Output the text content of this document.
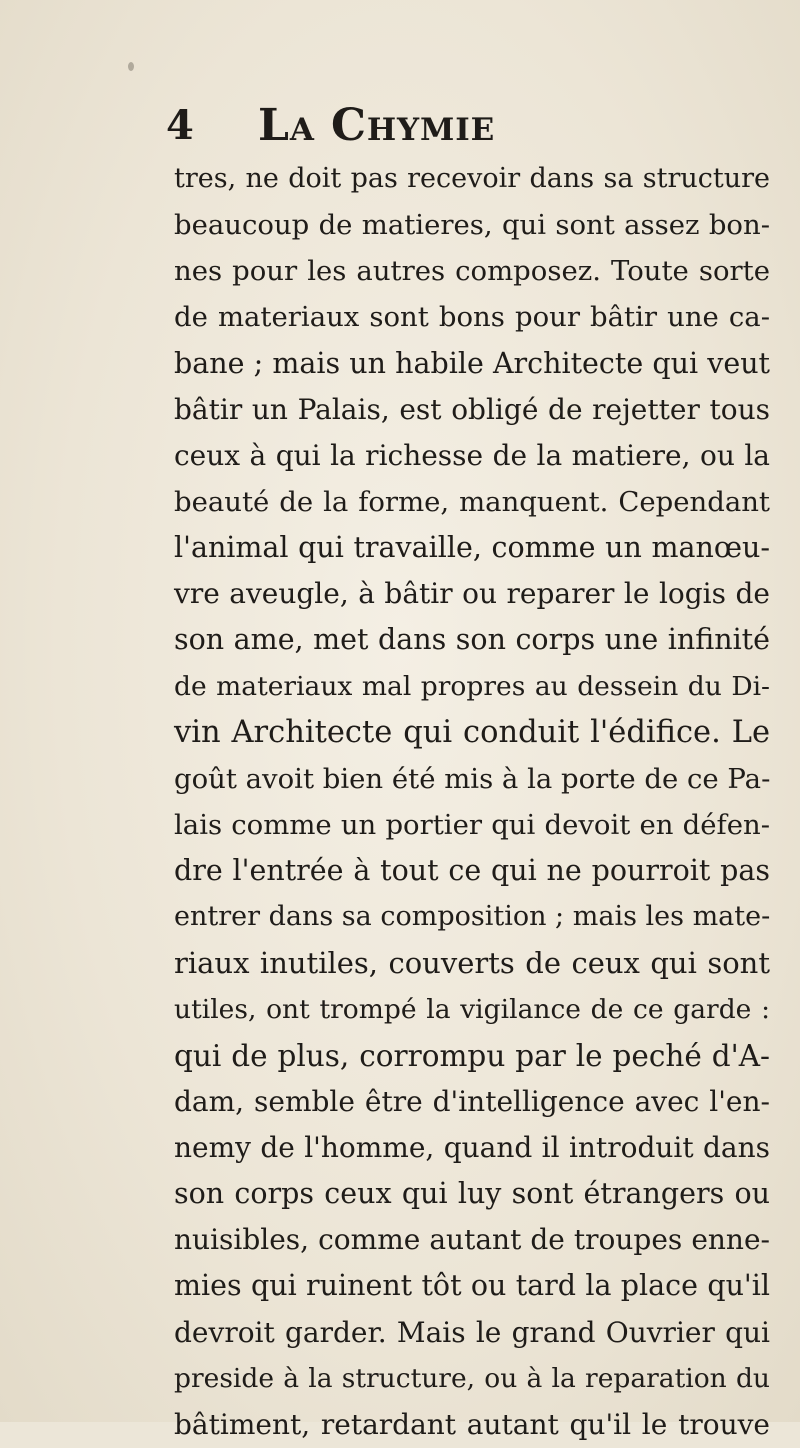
4 La Chymie
tres, ne doit pas recevoir dans sa structure
beaucoup de matieres, qui sont assez bon-
nes pour les autres composez. Toute sorte
de materiaux sont bons pour bâtir une ca-
bane ; mais un habile Architecte qui veut
bâtir un Palais, est obligé de rejetter tous
ceux à qui la richesse de la matiere, ou la
beauté de la forme, manquent. Cependant
l'animal qui travaille, comme un manœu-
vre aveugle, à bâtir ou reparer le logis de
son ame, met dans son corps une infinité
de materiaux mal propres au dessein du Di-
vin Architecte qui conduit l'édifice. Le
goût avoit bien été mis à la porte de ce Pa-
lais comme un portier qui devoit en défen-
dre l'entrée à tout ce qui ne pourroit pas
entrer dans sa composition ; mais les mate-
riaux inutiles, couverts de ceux qui sont
utiles, ont trompé la vigilance de ce garde :
qui de plus, corrompu par le peché d'A-
dam, semble être d'intelligence avec l'en-
nemy de l'homme, quand il introduit dans
son corps ceux qui luy sont étrangers ou
nuisibles, comme autant de troupes enne-
mies qui ruinent tôt ou tard la place qu'il
devroit garder. Mais le grand Ouvrier qui
preside à la structure, ou à la reparation du
bâtiment, retardant autant qu'il le trouve
